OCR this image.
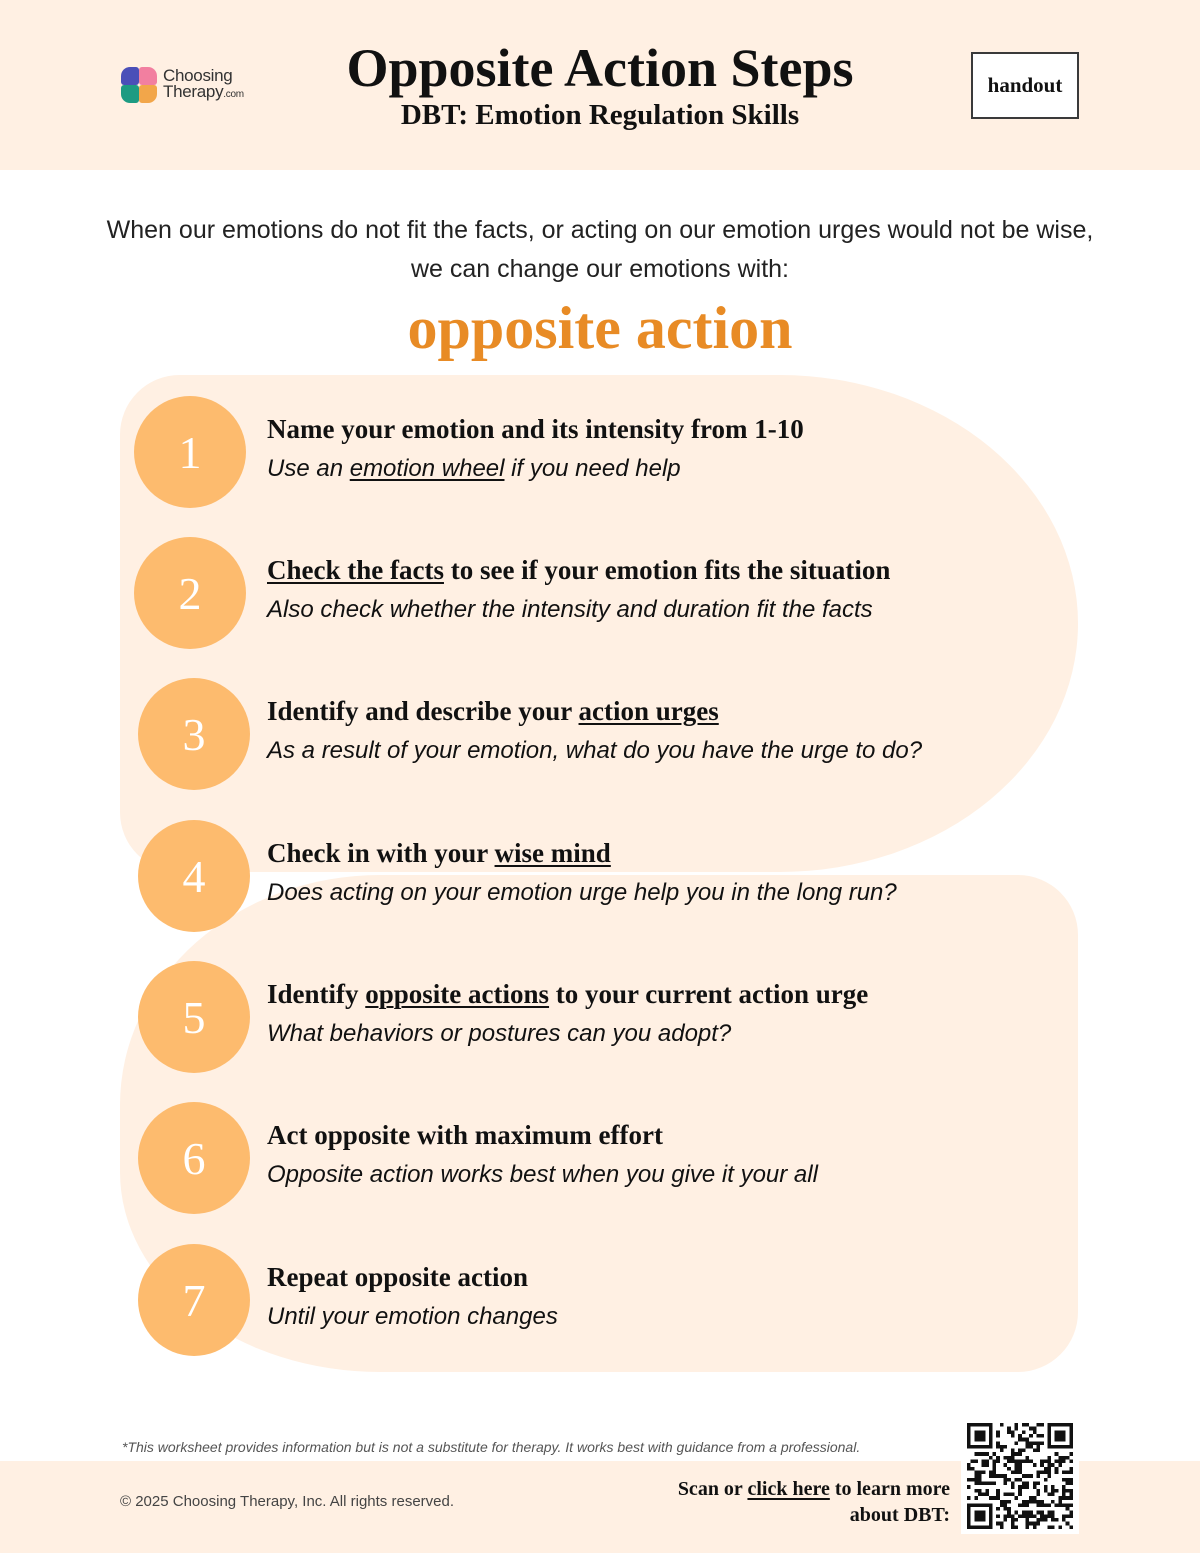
Choosing
Therapy.com	Opposite Action Steps
DBT: Emotion Regulation Skills
handout

When our emotions do not fit the facts, or acting on our emotion urges would not be wise, we can change our emotions with:

opposite action
1	Name your emotion and its intensity from 1-10
Use an emotion wheel if you need help
2	Check the facts to see if your emotion fits the situation
Also check whether the intensity and duration fit the facts
3	Identify and describe your action urges
As a result of your emotion, what do you have the urge to do?
4	Check in with your wise mind
Does acting on your emotion urge help you in the long run?
5	Identify opposite actions to your current action urge
What behaviors or postures can you adopt?
6	Act opposite with maximum effort
Opposite action works best when you give it your all
7	Repeat opposite action
Until your emotion changes
*This worksheet provides information but is not a substitute for therapy. It works best with guidance from a professional.
© 2025 Choosing Therapy, Inc. All rights reserved.
Scan or click here to learn more
about DBT:
